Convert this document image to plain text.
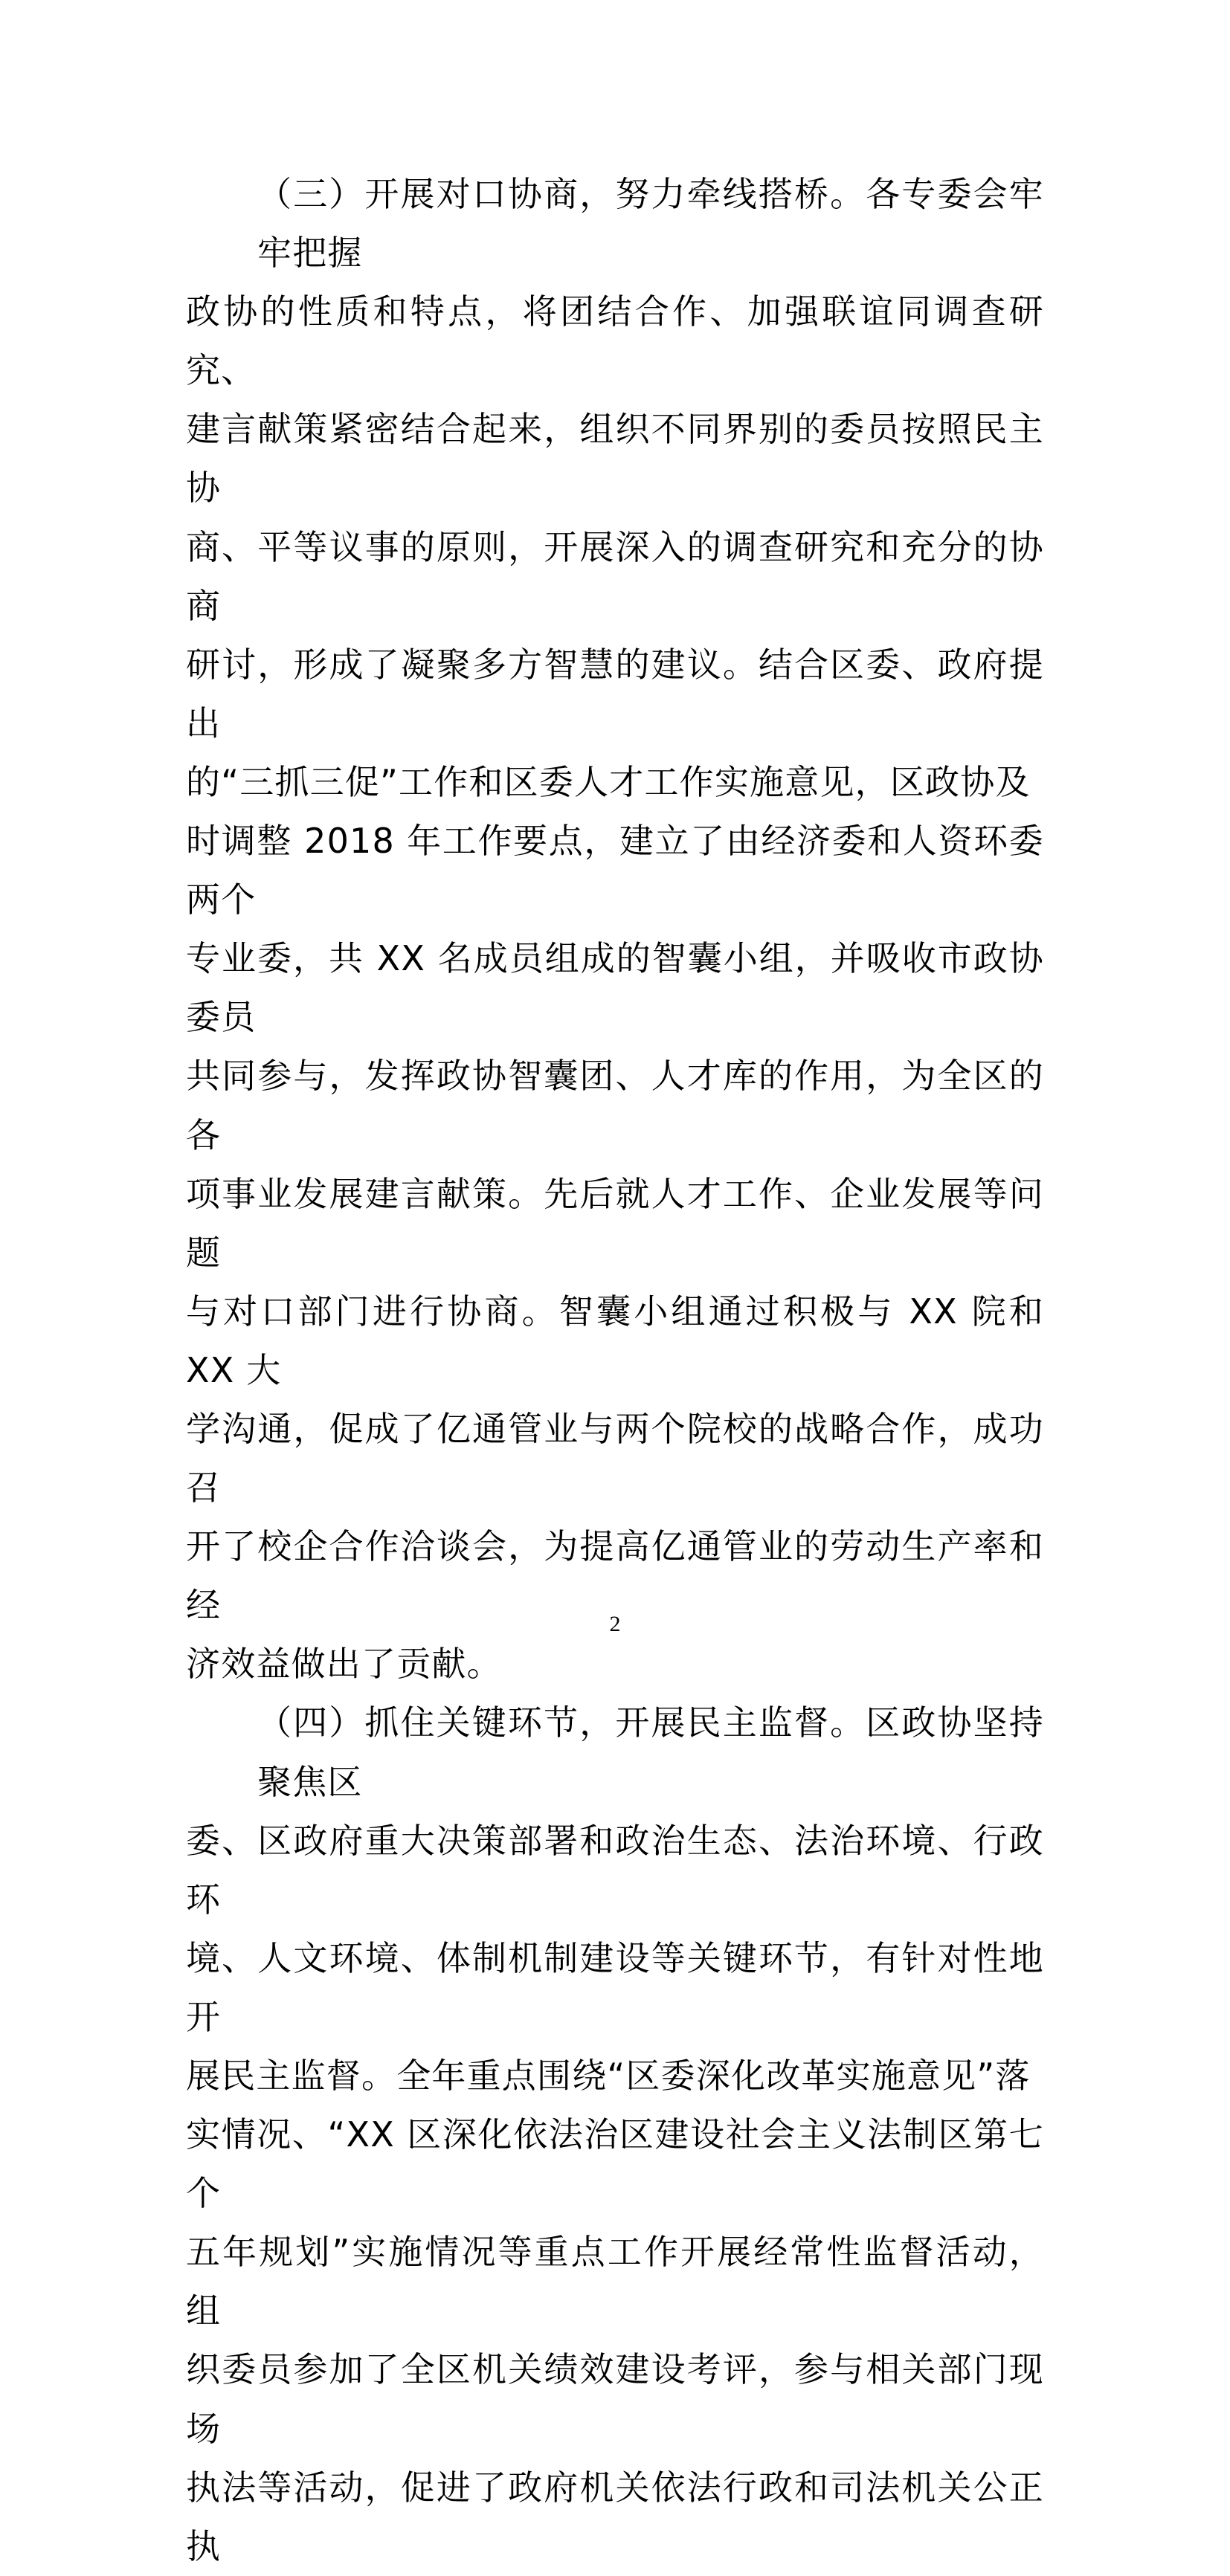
（三）开展对口协商，努力牵线搭桥。各专委会牢牢把握
政协的性质和特点，将团结合作、加强联谊同调查研究、
建言献策紧密结合起来，组织不同界别的委员按照民主协
商、平等议事的原则，开展深入的调查研究和充分的协商
研讨，形成了凝聚多方智慧的建议。结合区委、政府提出
的“三抓三促”工作和区委人才工作实施意见，区政协及
时调整 2018 年工作要点，建立了由经济委和人资环委两个
专业委，共 XX 名成员组成的智囊小组，并吸收市政协委员
共同参与，发挥政协智囊团、人才库的作用，为全区的各
项事业发展建言献策。先后就人才工作、企业发展等问题
与对口部门进行协商。智囊小组通过积极与 XX 院和 XX 大
学沟通，促成了亿通管业与两个院校的战略合作，成功召
开了校企合作洽谈会，为提高亿通管业的劳动生产率和经
济效益做出了贡献。
（四）抓住关键环节，开展民主监督。区政协坚持聚焦区
委、区政府重大决策部署和政治生态、法治环境、行政环
境、人文环境、体制机制建设等关键环节，有针对性地开
展民主监督。全年重点围绕“区委深化改革实施意见”落
实情况、“XX 区深化依法治区建设社会主义法制区第七个
五年规划”实施情况等重点工作开展经常性监督活动，组
织委员参加了全区机关绩效建设考评，参与相关部门现场
执法等活动，促进了政府机关依法行政和司法机关公正执
2
